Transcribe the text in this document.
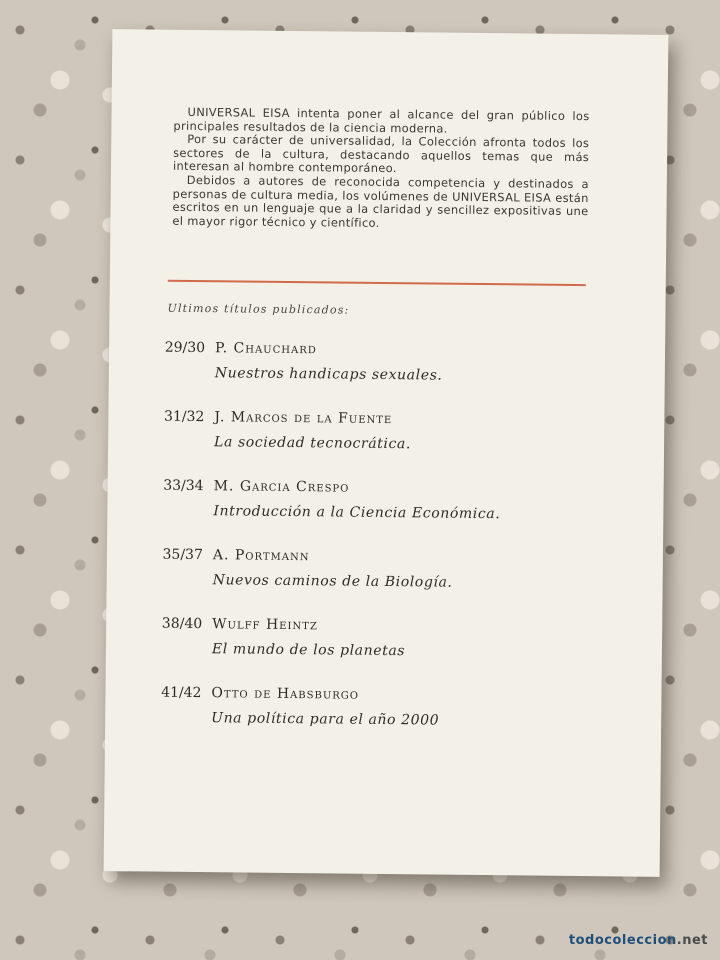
UNIVERSAL EISA intenta poner al alcance del gran público los principales resultados de la ciencia moderna.

Por su carácter de universalidad, la Colección afronta todos los sectores de la cultura, destacando aquellos temas que más interesan al hombre contemporáneo.

Debidos a autores de reconocida competencia y destinados a personas de cultura media, los volúmenes de UNIVERSAL EISA están escritos en un lenguaje que a la claridad y sencillez expositivas une el mayor rigor técnico y científico.

Ultimos títulos publicados:
29/30 P. Chauchard
Nuestros handicaps sexuales.
31/32 J. Marcos de la Fuente
La sociedad tecnocrática.
33/34 M. Garcia Crespo
Introducción a la Ciencia Económica.
35/37 A. Portmann
Nuevos caminos de la Biología.
38/40 Wulff Heintz
El mundo de los planetas
41/42 Otto de Habsburgo
Una política para el año 2000
todocoleccion.net
